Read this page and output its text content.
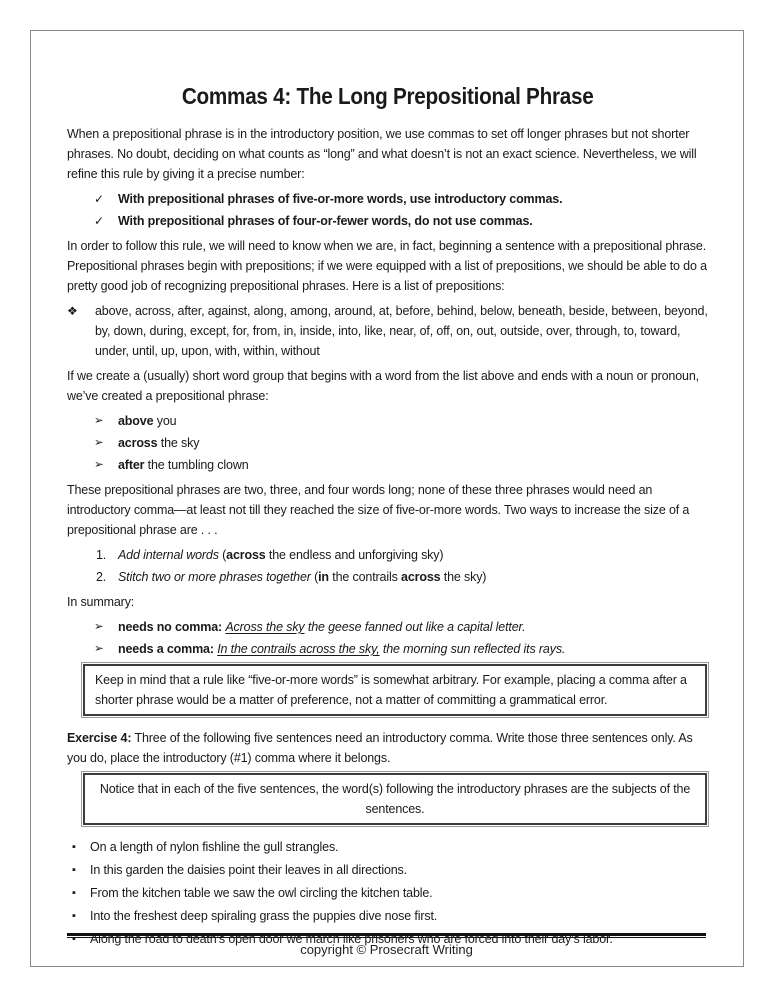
Commas 4: The Long Prepositional Phrase

When a prepositional phrase is in the introductory position, we use commas to set off longer phrases but not shorter phrases. No doubt, deciding on what counts as “long” and what doesn’t is not an exact science. Nevertheless, we will refine this rule by giving it a precise number:

✓	With prepositional phrases of five-or-more words, use introductory commas.
✓	With prepositional phrases of four-or-fewer words, do not use commas.

In order to follow this rule, we will need to know when we are, in fact, beginning a sentence with a prepositional phrase. Prepositional phrases begin with prepositions; if we were equipped with a list of prepositions, we should be able to do a pretty good job of recognizing prepositional phrases. Here is a list of prepositions:

❖	above, across, after, against, along, among, around, at, before, behind, below, beneath, beside, between, beyond, by, down, during, except, for, from, in, inside, into, like, near, of, off, on, out, outside, over, through, to, toward, under, until, up, upon, with, within, without

If we create a (usually) short word group that begins with a word from the list above and ends with a noun or pronoun, we’ve created a prepositional phrase:

➢	above you
➢	across the sky
➢	after the tumbling clown

These prepositional phrases are two, three, and four words long; none of these three phrases would need an introductory comma—at least not till they reached the size of five-or-more words. Two ways to increase the size of a prepositional phrase are . . .

1. Add internal words (across the endless and unforgiving sky)
2. Stitch two or more phrases together (in the contrails across the sky)

In summary:

➢	needs no comma: Across the sky the geese fanned out like a capital letter.
➢	needs a comma: In the contrails across the sky, the morning sun reflected its rays.
Keep in mind that a rule like “five-or-more words” is somewhat arbitrary. For example, placing a comma after a shorter phrase would be a matter of preference, not a matter of committing a grammatical error.

Exercise 4: Three of the following five sentences need an introductory comma. Write those three sentences only. As you do, place the introductory (#1) comma where it belongs.

Notice that in each of the five sentences, the word(s) following the introductory phrases are the subjects of the sentences.
▪	On a length of nylon fishline the gull strangles.
▪	In this garden the daisies point their leaves in all directions.
▪	From the kitchen table we saw the owl circling the kitchen table.
▪	Into the freshest deep spiraling grass the puppies dive nose first.
▪	Along the road to death’s open door we march like prisoners who are forced into their day’s labor.
copyright © Prosecraft Writing
